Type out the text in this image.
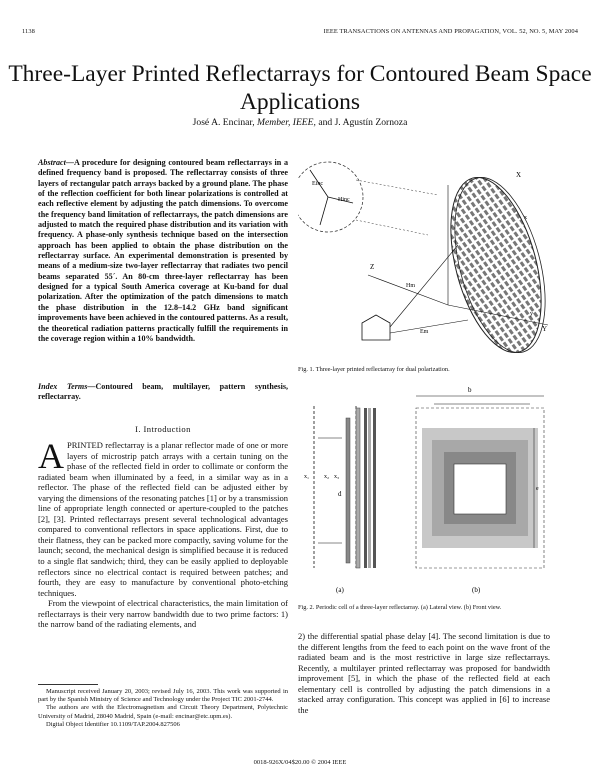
1138	IEEE TRANSACTIONS ON ANTENNAS AND PROPAGATION, VOL. 52, NO. 5, MAY 2004
Three-Layer Printed Reflectarrays for Contoured Beam Space Applications
José A. Encinar, Member, IEEE, and J. Agustín Zornoza
Abstract—A procedure for designing contoured beam reflectarrays in a defined frequency band is proposed. The reflectarray consists of three layers of rectangular patch arrays backed by a ground plane. The phase of the reflection coefficient for both linear polarizations is controlled at each reflective element by adjusting the patch dimensions. To overcome the frequency band limitation of reflectarrays, the patch dimensions are adjusted to match the required phase distribution and its variation with frequency. A phase-only synthesis technique based on the intersection approach has been applied to obtain the phase distribution on the reflectarray surface. An experimental demonstration is presented by means of a medium-size two-layer reflectarray that radiates two pencil beams separated 55´. An 80-cm three-layer reflectarray has been designed for a typical South America coverage at Ku-band for dual polarization. After the optimization of the patch dimensions to match the phase distribution in the 12.8–14.2 GHz band significant improvements have been achieved in the contoured patterns. As a result, the theoretical radiation patterns practically fulfill the requirements in the coverage region within a 10% bandwidth.
Index Terms—Contoured beam, multilayer, pattern synthesis, reflectarray.
I. Introduction

APRINTED reflectarray is a planar reflector made of one or more layers of microstrip patch arrays with a certain tuning on the phase of the reflected field in order to collimate or conform the radiated beam when illuminated by a feed, in a similar way as in a reflector. The phase of the reflected field can be adjusted either by varying the dimensions of the resonating patches [1] or by a transmission line of appropriate length connected or aperture-coupled to the patches [2], [3]. Printed reflectarrays present several technological advantages compared to conventional reflectors in space applications. First, due to their flatness, they can be packed more compactly, saving volume for the launch; second, the mechanical design is simplified because it is reduced to a single flat sandwich; third, they can be easily applied to deployable reflectors since no electrical contact is required between patches; and fourth, they are easy to manufacture by conventional photo-etching techniques.

From the viewpoint of electrical characteristics, the main limitation of reflectarrays is their very narrow bandwidth due to two prime factors: 1) the narrow band of the radiating elements, and

Manuscript received January 20, 2003; revised July 16, 2003. This work was supported in part by the Spanish Ministry of Science and Technology under the Project TIC 2001-2744.

The authors are with the Electromagnetism and Circuit Theory Department, Polytechnic University of Madrid, 28040 Madrid, Spain (e-mail: encinar@etc.upm.es).

Digital Object Identifier 10.1109/TAP.2004.827506

Einc
Hinc
X
Y
Z
x
y
Hm
Em
Fig. 1. Three-layer printed reflectarray for dual polarization.
x₁ x₂ x₃
d
(a)
b
e
(b)
Fig. 2. Periodic cell of a three-layer reflectarray. (a) Lateral view. (b) Front view.

2) the differential spatial phase delay [4]. The second limitation is due to the different lengths from the feed to each point on the wave front of the radiated beam and is the most restrictive in large size reflectarrays. Recently, a multilayer printed reflectarray was proposed for bandwidth improvement [5], in which the phase of the reflected field at each elementary cell is controlled by adjusting the patch dimensions in a stacked array configuration. This concept was applied in [6] to increase the

0018-926X/04$20.00 © 2004 IEEE
